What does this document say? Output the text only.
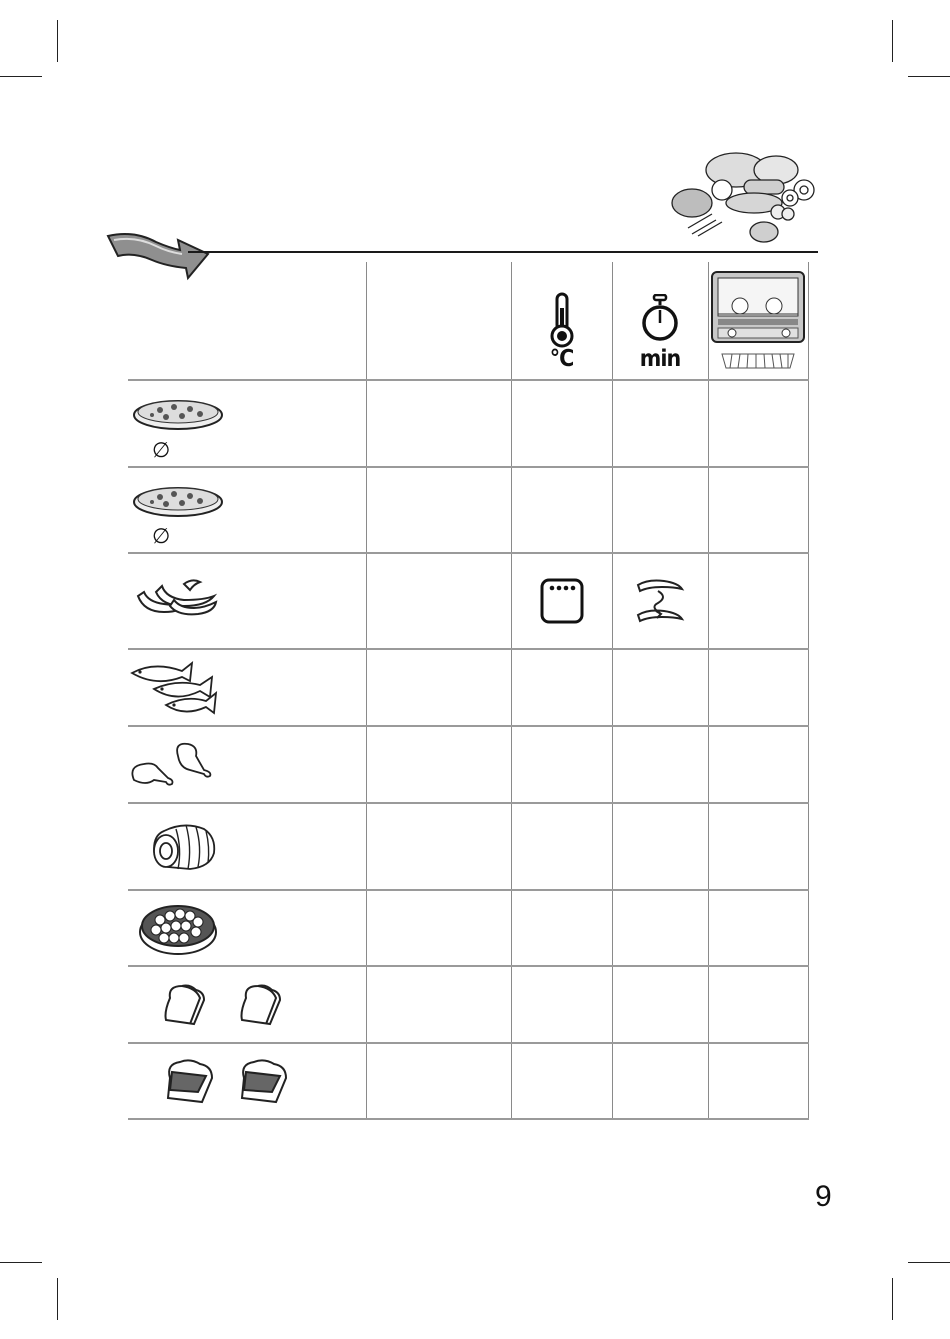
		°C	min

∅				

∅				

9
